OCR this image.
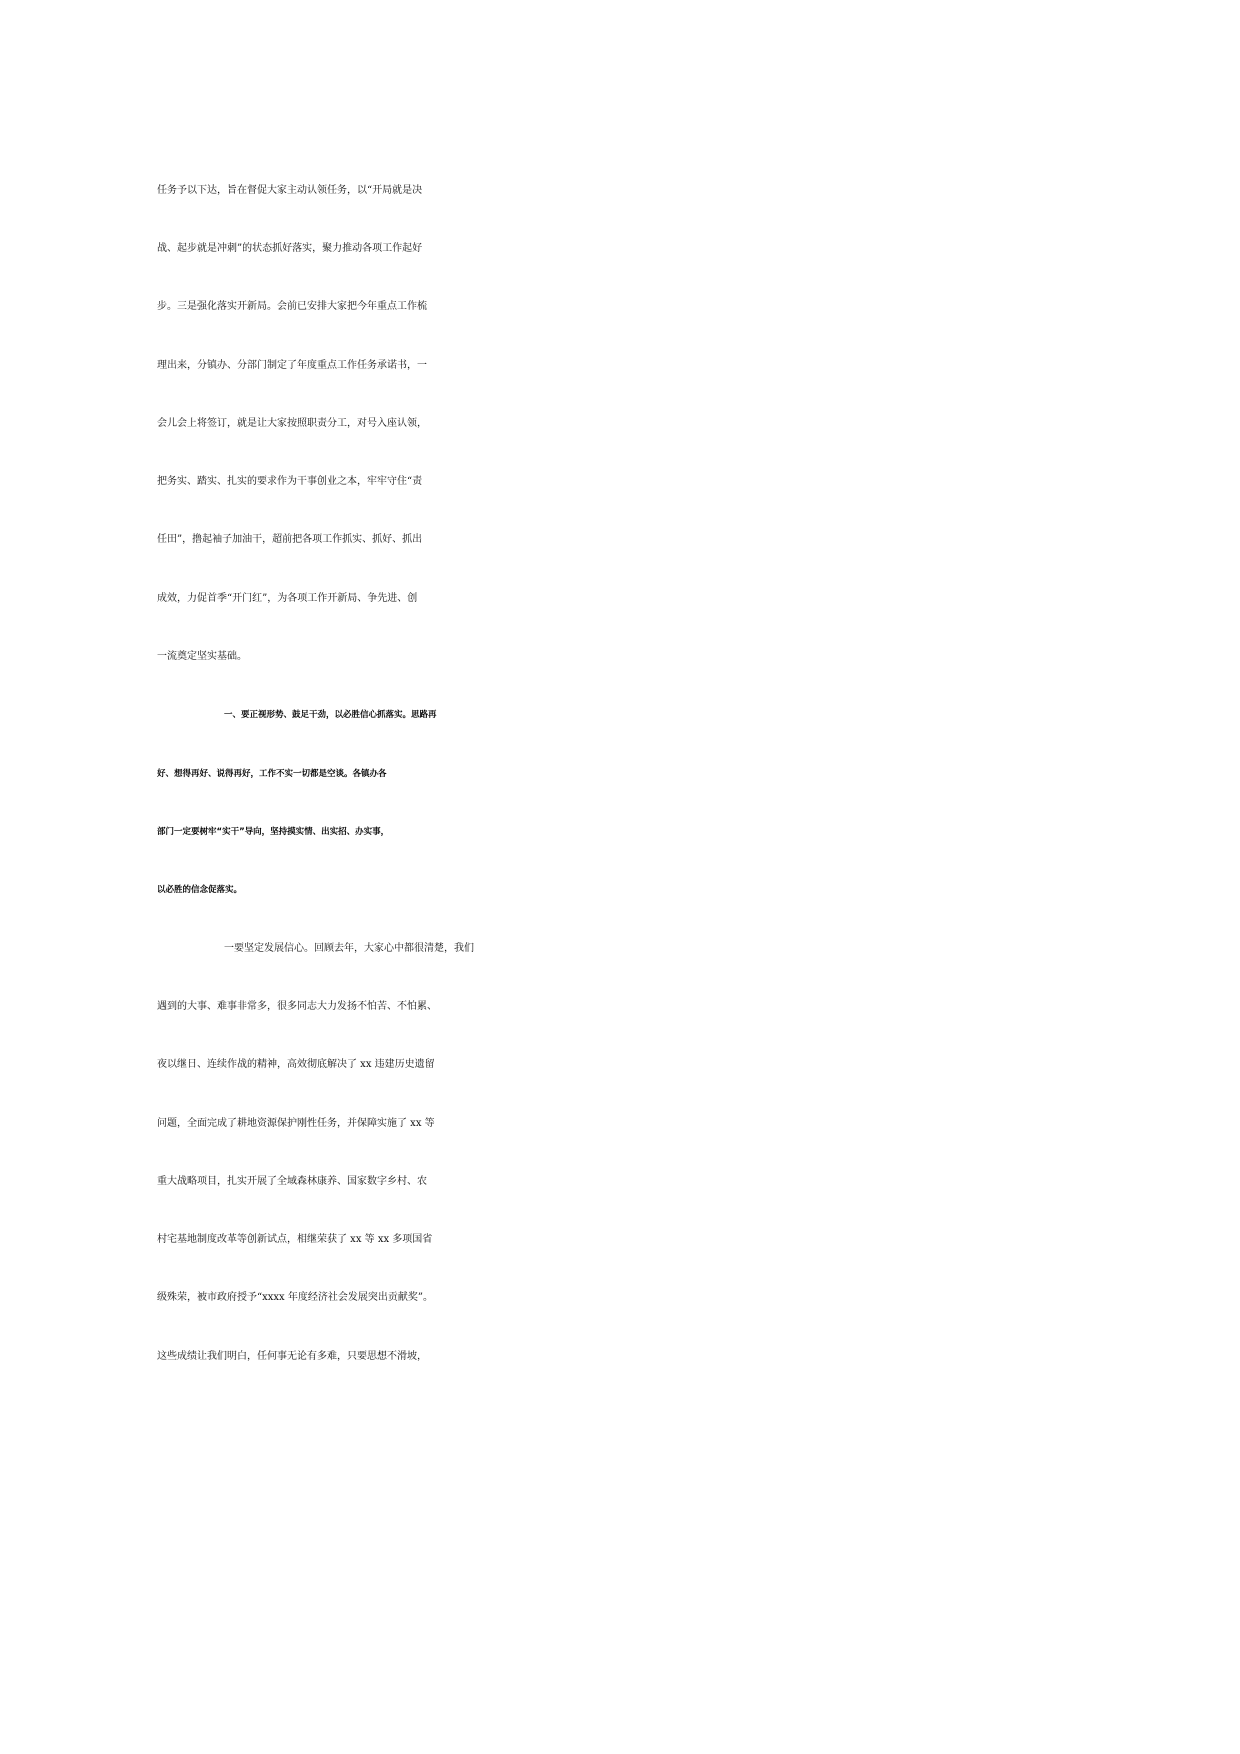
任务予以下达，旨在督促大家主动认领任务，以“开局就是决
战、起步就是冲刺”的状态抓好落实，聚力推动各项工作起好
步。三是强化落实开新局。会前已安排大家把今年重点工作梳
理出来，分镇办、分部门制定了年度重点工作任务承诺书，一
会儿会上将签订，就是让大家按照职责分工，对号入座认领，
把务实、踏实、扎实的要求作为干事创业之本，牢牢守住“责
任田”，撸起袖子加油干，超前把各项工作抓实、抓好、抓出
成效，力促首季“开门红”，为各项工作开新局、争先进、创
一流奠定坚实基础。
一、要正视形势、鼓足干劲，以必胜信心抓落实。思路再
好、想得再好、说得再好，工作不实一切都是空谈。各镇办各
部门一定要树牢“实干”导向，坚持摸实情、出实招、办实事，
以必胜的信念促落实。
一要坚定发展信心。回顾去年，大家心中都很清楚，我们
遇到的大事、难事非常多，很多同志大力发扬不怕苦、不怕累、
夜以继日、连续作战的精神，高效彻底解决了 xx 违建历史遗留
问题，全面完成了耕地资源保护刚性任务，并保障实施了 xx 等
重大战略项目，扎实开展了全域森林康养、国家数字乡村、农
村宅基地制度改革等创新试点，相继荣获了 xx 等 xx 多项国省
级殊荣，被市政府授予“xxxx 年度经济社会发展突出贡献奖”。
这些成绩让我们明白，任何事无论有多难，只要思想不滑坡，
